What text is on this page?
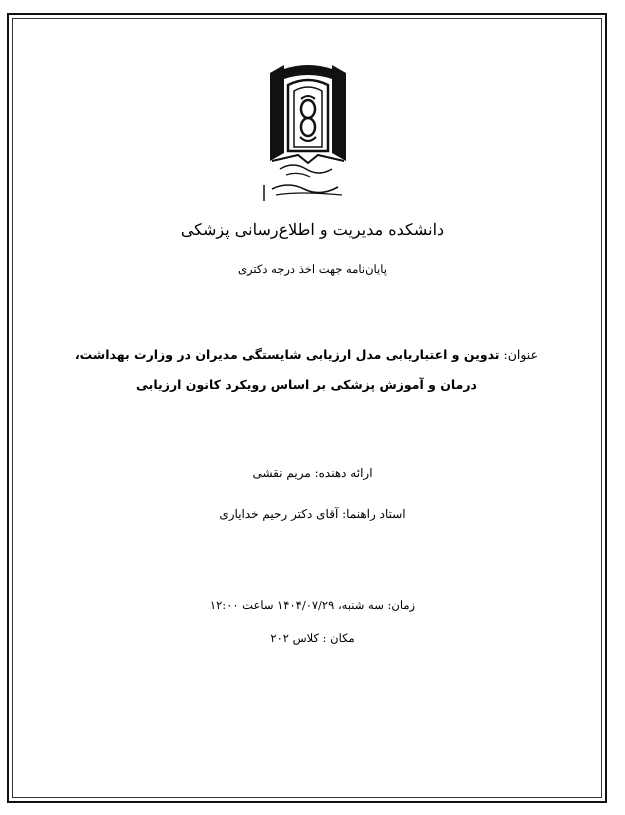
دانشکده مدیریت و اطلاع‌رسانی پزشکی
پایان‌نامه جهت اخذ درجه دکتری
عنوان: تدوین و اعتباریابی مدل ارزیابی شایستگی مدیران در وزارت بهداشت، درمان و آموزش پزشکی بر اساس رویکرد کانون ارزیابی
ارائه دهنده: مریم نقشی
استاد راهنما: آقای دکتر رحیم خدایاری
زمان: سه شنبه، ۱۴۰۴/۰۷/۲۹ ساعت ۱۲:۰۰
مکان : کلاس ۲۰۲
